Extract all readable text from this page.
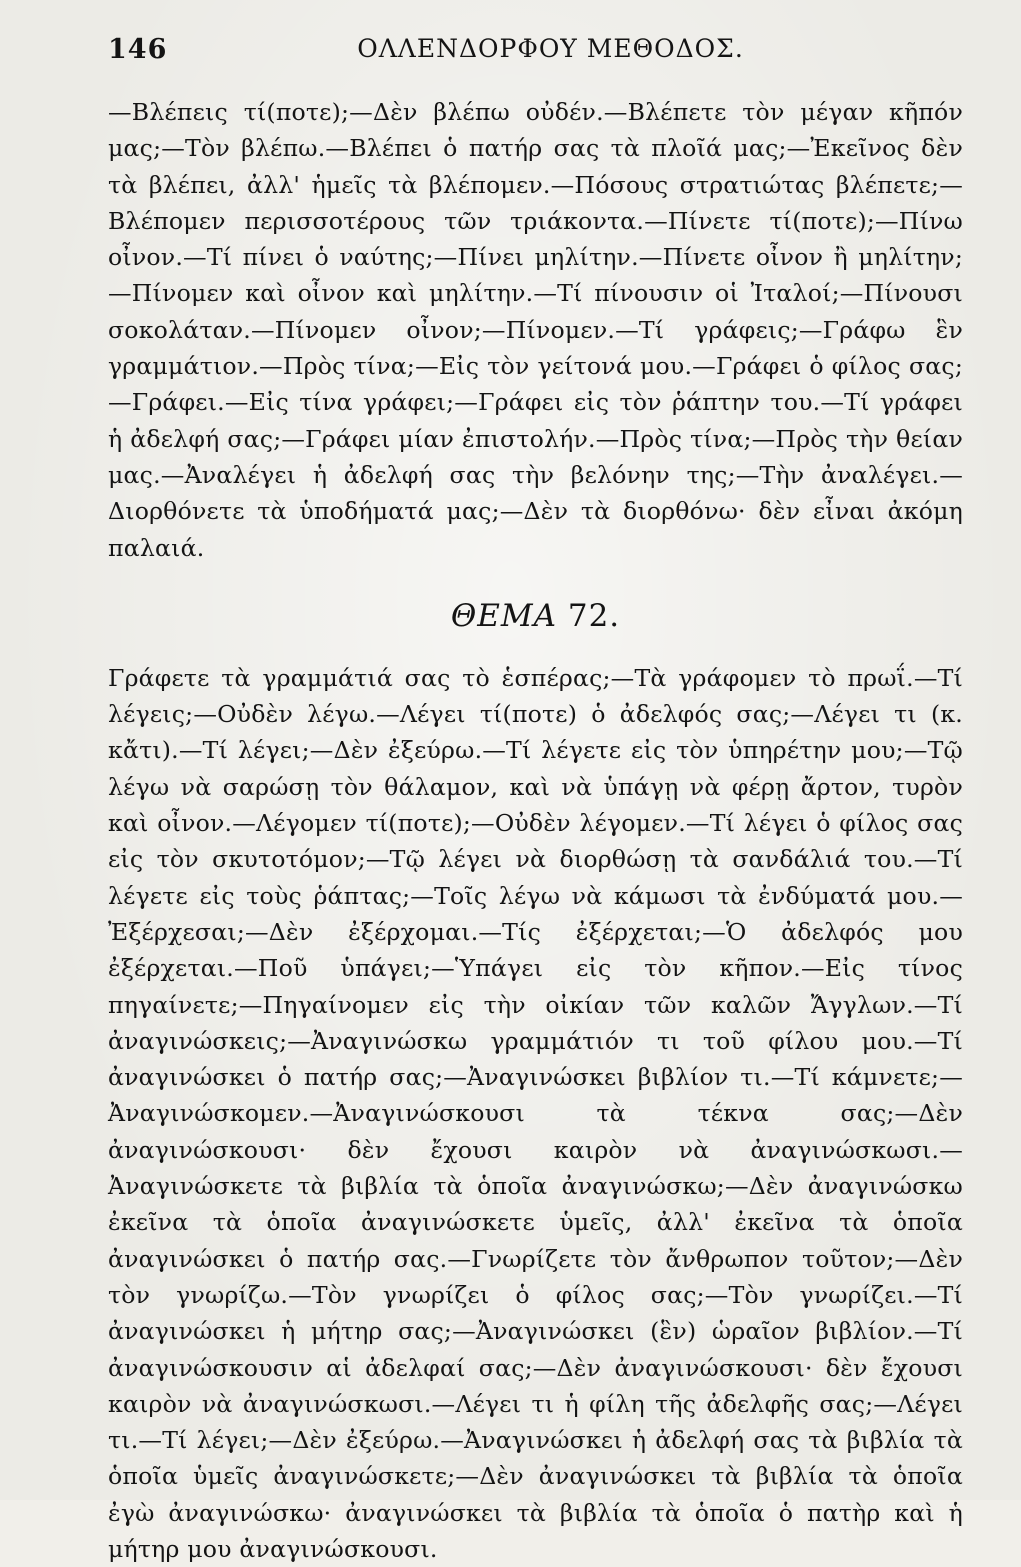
146	ΟΛΛΕΝΔΟΡΦΟΥ ΜΕΘΟΔΟΣ.

—Βλέπεις τί(ποτε);—Δὲν βλέπω οὐδέν.—Βλέπετε τὸν μέγαν κῆπόν μας;—Τὸν βλέπω.—Βλέπει ὁ πατήρ σας τὰ πλοῖά μας;—Ἐκεῖνος δὲν τὰ βλέπει, ἀλλ' ἡμεῖς τὰ βλέπομεν.—Πόσους στρατιώτας βλέπετε;—Βλέπομεν περισσοτέρους τῶν τριάκοντα.—Πίνετε τί(ποτε);—Πίνω οἶνον.—Τί πίνει ὁ ναύτης;—Πίνει μηλίτην.—Πίνετε οἶνον ἢ μηλίτην;—Πίνομεν καὶ οἶνον καὶ μηλίτην.—Τί πίνουσιν οἱ Ἰταλοί;—Πίνουσι σοκολάταν.—Πίνομεν οἶνον;—Πίνομεν.—Τί γράφεις;—Γράφω ἓν γραμμάτιον.—Πρὸς τίνα;—Εἰς τὸν γείτονά μου.—Γράφει ὁ φίλος σας;—Γράφει.—Εἰς τίνα γράφει;—Γράφει εἰς τὸν ῥάπτην του.—Τί γράφει ἡ ἀδελφή σας;—Γράφει μίαν ἐπιστολήν.—Πρὸς τίνα;—Πρὸς τὴν θείαν μας.—Ἀναλέγει ἡ ἀδελφή σας τὴν βελόνην της;—Τὴν ἀναλέγει.—Διορθόνετε τὰ ὑποδήματά μας;—Δὲν τὰ διορθόνω· δὲν εἶναι ἀκόμη παλαιά.

ΘΕΜΑ 72.

Γράφετε τὰ γραμμάτιά σας τὸ ἑσπέρας;—Τὰ γράφομεν τὸ πρωΐ.—Τί λέγεις;—Οὐδὲν λέγω.—Λέγει τί(ποτε) ὁ ἀδελφός σας;—Λέγει τι (κ. κἄτι).—Τί λέγει;—Δὲν ἐξεύρω.—Τί λέγετε εἰς τὸν ὑπηρέτην μου;—Τῷ λέγω νὰ σαρώσῃ τὸν θάλαμον, καὶ νὰ ὑπάγῃ νὰ φέρῃ ἄρτον, τυρὸν καὶ οἶνον.—Λέγομεν τί(ποτε);—Οὐδὲν λέγομεν.—Τί λέγει ὁ φίλος σας εἰς τὸν σκυτοτόμον;—Τῷ λέγει νὰ διορθώσῃ τὰ σανδάλιά του.—Τί λέγετε εἰς τοὺς ῥάπτας;—Τοῖς λέγω νὰ κάμωσι τὰ ἐνδύματά μου.—Ἐξέρχεσαι;—Δὲν ἐξέρχομαι.—Τίς ἐξέρχεται;—Ὁ ἀδελφός μου ἐξέρχεται.—Ποῦ ὑπάγει;—Ὑπάγει εἰς τὸν κῆπον.—Εἰς τίνος πηγαίνετε;—Πηγαίνομεν εἰς τὴν οἰκίαν τῶν καλῶν Ἄγγλων.—Τί ἀναγινώσκεις;—Ἀναγινώσκω γραμμάτιόν τι τοῦ φίλου μου.—Τί ἀναγινώσκει ὁ πατήρ σας;—Ἀναγινώσκει βιβλίον τι.—Τί κάμνετε;—Ἀναγινώσκομεν.—Ἀναγινώσκουσι τὰ τέκνα σας;—Δὲν ἀναγινώσκουσι· δὲν ἔχουσι καιρὸν νὰ ἀναγινώσκωσι.—Ἀναγινώσκετε τὰ βιβλία τὰ ὁποῖα ἀναγινώσκω;—Δὲν ἀναγινώσκω ἐκεῖνα τὰ ὁποῖα ἀναγινώσκετε ὑμεῖς, ἀλλ' ἐκεῖνα τὰ ὁποῖα ἀναγινώσκει ὁ πατήρ σας.—Γνωρίζετε τὸν ἄνθρωπον τοῦτον;—Δὲν τὸν γνωρίζω.—Τὸν γνωρίζει ὁ φίλος σας;—Τὸν γνωρίζει.—Τί ἀναγινώσκει ἡ μήτηρ σας;—Ἀναγινώσκει (ἓν) ὡραῖον βιβλίον.—Τί ἀναγινώσκουσιν αἱ ἀδελφαί σας;—Δὲν ἀναγινώσκουσι· δὲν ἔχουσι καιρὸν νὰ ἀναγινώσκωσι.—Λέγει τι ἡ φίλη τῆς ἀδελφῆς σας;—Λέγει τι.—Τί λέγει;—Δὲν ἐξεύρω.—Ἀναγινώσκει ἡ ἀδελφή σας τὰ βιβλία τὰ ὁποῖα ὑμεῖς ἀναγινώσκετε;—Δὲν ἀναγινώσκει τὰ βιβλία τὰ ὁποῖα ἐγὼ ἀναγινώσκω· ἀναγινώσκει τὰ βιβλία τὰ ὁποῖα ὁ πατὴρ καὶ ἡ μήτηρ μου ἀναγινώσκουσι.
